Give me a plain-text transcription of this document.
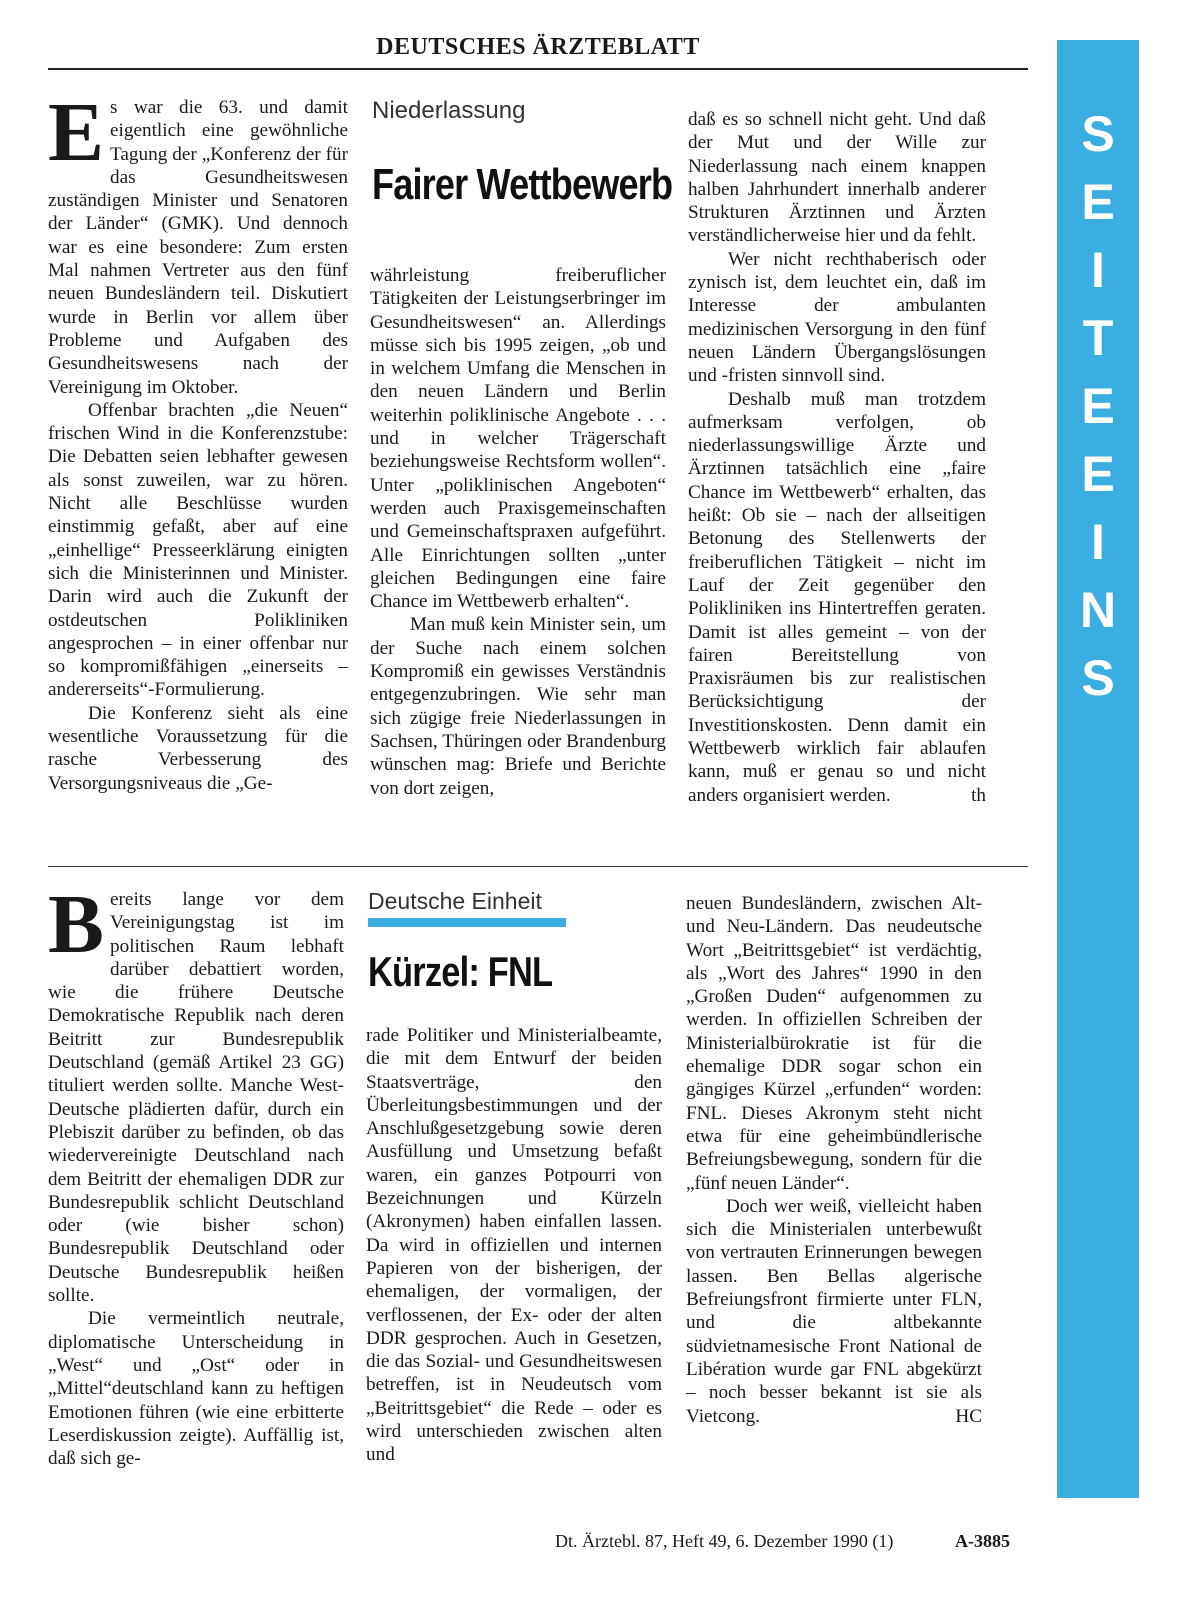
DEUTSCHES ÄRZTEBLATT
S
E
I
T
E
E
I
N
S

Es war die 63. und damit eigentlich eine gewöhnliche Tagung der „Konferenz der für das Gesundheitswesen zuständigen Minister und Senatoren der Länder“ (GMK). Und dennoch war es eine besondere: Zum ersten Mal nahmen Vertreter aus den fünf neuen Bundesländern teil. Diskutiert wurde in Berlin vor allem über Probleme und Aufgaben des Gesundheitswesens nach der Vereinigung im Oktober.

Offenbar brachten „die Neuen“ frischen Wind in die Konferenzstube: Die Debatten seien lebhafter gewesen als sonst zuweilen, war zu hören. Nicht alle Beschlüsse wurden einstimmig gefaßt, aber auf eine „einhellige“ Presseerklärung einigten sich die Ministerinnen und Minister. Darin wird auch die Zukunft der ostdeutschen Polikliniken angesprochen – in einer offenbar nur so kompromißfähigen „einerseits – andererseits“-Formulierung.

Die Konferenz sieht als eine wesentliche Voraussetzung für die rasche Verbesserung des Versorgungsniveaus die „Ge-

Niederlassung
Fairer Wettbewerb

währleistung freiberuflicher Tätigkeiten der Leistungserbringer im Gesundheitswesen“ an. Allerdings müsse sich bis 1995 zeigen, „ob und in welchem Umfang die Menschen in den neuen Ländern und Berlin weiterhin poliklinische Angebote . . . und in welcher Trägerschaft beziehungsweise Rechtsform wollen“. Unter „poliklinischen Angeboten“ werden auch Praxisgemeinschaften und Gemeinschaftspraxen aufgeführt. Alle Einrichtungen sollten „unter gleichen Bedingungen eine faire Chance im Wettbewerb erhalten“.

Man muß kein Minister sein, um der Suche nach einem solchen Kompromiß ein gewisses Verständnis entgegenzubringen. Wie sehr man sich zügige freie Niederlassungen in Sachsen, Thüringen oder Brandenburg wünschen mag: Briefe und Berichte von dort zeigen,

daß es so schnell nicht geht. Und daß der Mut und der Wille zur Niederlassung nach einem knappen halben Jahrhundert innerhalb anderer Strukturen Ärztinnen und Ärzten verständlicherweise hier und da fehlt.

Wer nicht rechthaberisch oder zynisch ist, dem leuchtet ein, daß im Interesse der ambulanten medizinischen Versorgung in den fünf neuen Ländern Übergangslösungen und -fristen sinnvoll sind.

Deshalb muß man trotzdem aufmerksam verfolgen, ob niederlassungswillige Ärzte und Ärztinnen tatsächlich eine „faire Chance im Wettbewerb“ erhalten, das heißt: Ob sie – nach der allseitigen Betonung des Stellenwerts der freiberuflichen Tätigkeit – nicht im Lauf der Zeit gegenüber den Polikliniken ins Hintertreffen geraten. Damit ist alles gemeint – von der fairen Bereitstellung von Praxisräumen bis zur realistischen Berücksichtigung der Investitionskosten. Denn damit ein Wettbewerb wirklich fair ablaufen kann, muß er genau so und nicht anders organisiert werden.	th

Bereits lange vor dem Vereinigungstag ist im politischen Raum lebhaft darüber debattiert worden, wie die frühere Deutsche Demokratische Republik nach deren Beitritt zur Bundesrepublik Deutschland (gemäß Artikel 23 GG) tituliert werden sollte. Manche West-Deutsche plädierten dafür, durch ein Plebiszit darüber zu befinden, ob das wiedervereinigte Deutschland nach dem Beitritt der ehemaligen DDR zur Bundesrepublik schlicht Deutschland oder (wie bisher schon) Bundesrepublik Deutschland oder Deutsche Bundesrepublik heißen sollte.

Die vermeintlich neutrale, diplomatische Unterscheidung in „West“ und „Ost“ oder in „Mittel“deutschland kann zu heftigen Emotionen führen (wie eine erbitterte Leserdiskussion zeigte). Auffällig ist, daß sich ge-

Deutsche Einheit
Kürzel: FNL

rade Politiker und Ministerialbeamte, die mit dem Entwurf der beiden Staatsverträge, den Überleitungsbestimmungen und der Anschlußgesetzgebung sowie deren Ausfüllung und Umsetzung befaßt waren, ein ganzes Potpourri von Bezeichnungen und Kürzeln (Akronymen) haben einfallen lassen. Da wird in offiziellen und internen Papieren von der bisherigen, der ehemaligen, der vormaligen, der verflossenen, der Ex- oder der alten DDR gesprochen. Auch in Gesetzen, die das Sozial- und Gesundheitswesen betreffen, ist in Neudeutsch vom „Beitrittsgebiet“ die Rede – oder es wird unterschieden zwischen alten und

neuen Bundesländern, zwischen Alt- und Neu-Ländern. Das neudeutsche Wort „Beitrittsgebiet“ ist verdächtig, als „Wort des Jahres“ 1990 in den „Großen Duden“ aufgenommen zu werden. In offiziellen Schreiben der Ministerialbürokratie ist für die ehemalige DDR sogar schon ein gängiges Kürzel „erfunden“ worden: FNL. Dieses Akronym steht nicht etwa für eine geheimbündlerische Befreiungsbewegung, sondern für die „fünf neuen Länder“.

Doch wer weiß, vielleicht haben sich die Ministerialen unterbewußt von vertrauten Erinnerungen bewegen lassen. Ben Bellas algerische Befreiungsfront firmierte unter FLN, und die altbekannte südvietnamesische Front National de Libération wurde gar FNL abgekürzt – noch besser bekannt ist sie als Vietcong.	HC

Dt. Ärztebl. 87, Heft 49, 6. Dezember 1990 (1)	A-3885
